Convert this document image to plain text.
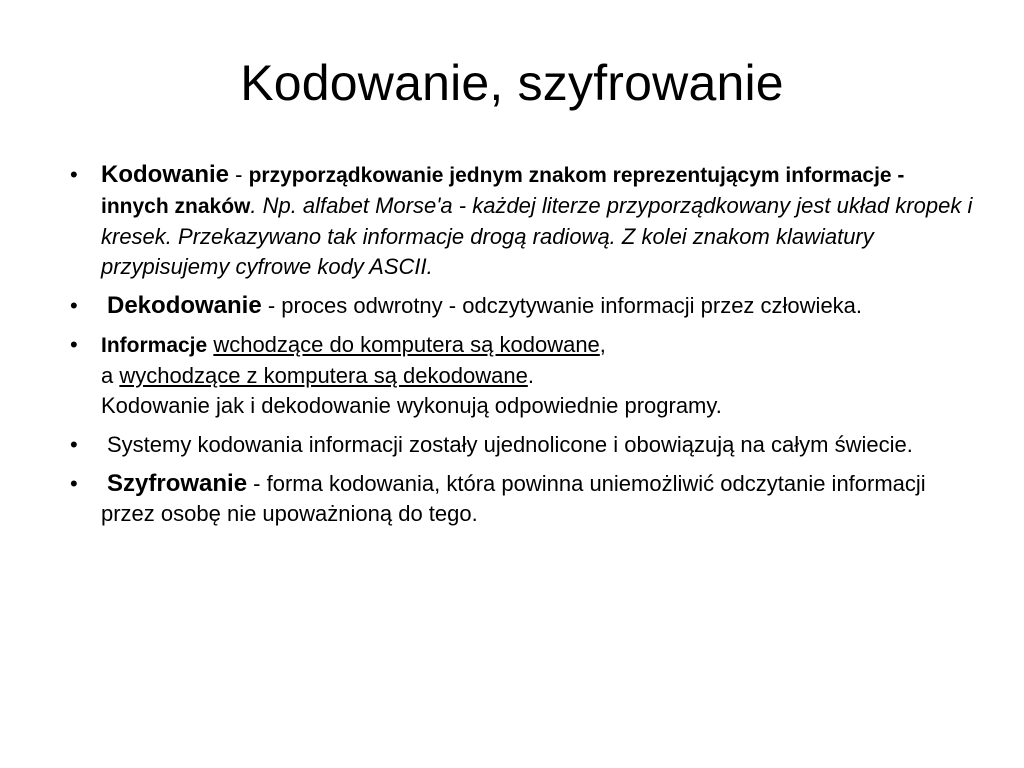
Kodowanie, szyfrowanie
• Kodowanie - przyporządkowanie jednym znakom reprezentującym informacje - innych znaków. Np. alfabet Morse'a - każdej literze przyporządkowany jest układ kropek i kresek. Przekazywano tak informacje drogą radiową. Z kolei znakom klawiatury przypisujemy cyfrowe kody ASCII.
•	Dekodowanie - proces odwrotny - odczytywanie informacji przez człowieka.
•	Informacje wchodzące do komputera są kodowane,
a wychodzące z komputera są dekodowane.
Kodowanie jak i dekodowanie wykonują odpowiednie programy.
•	Systemy kodowania informacji zostały ujednolicone i obowiązują na całym świecie.
•	Szyfrowanie - forma kodowania, która powinna uniemożliwić odczytanie informacji przez osobę nie upoważnioną do tego.
